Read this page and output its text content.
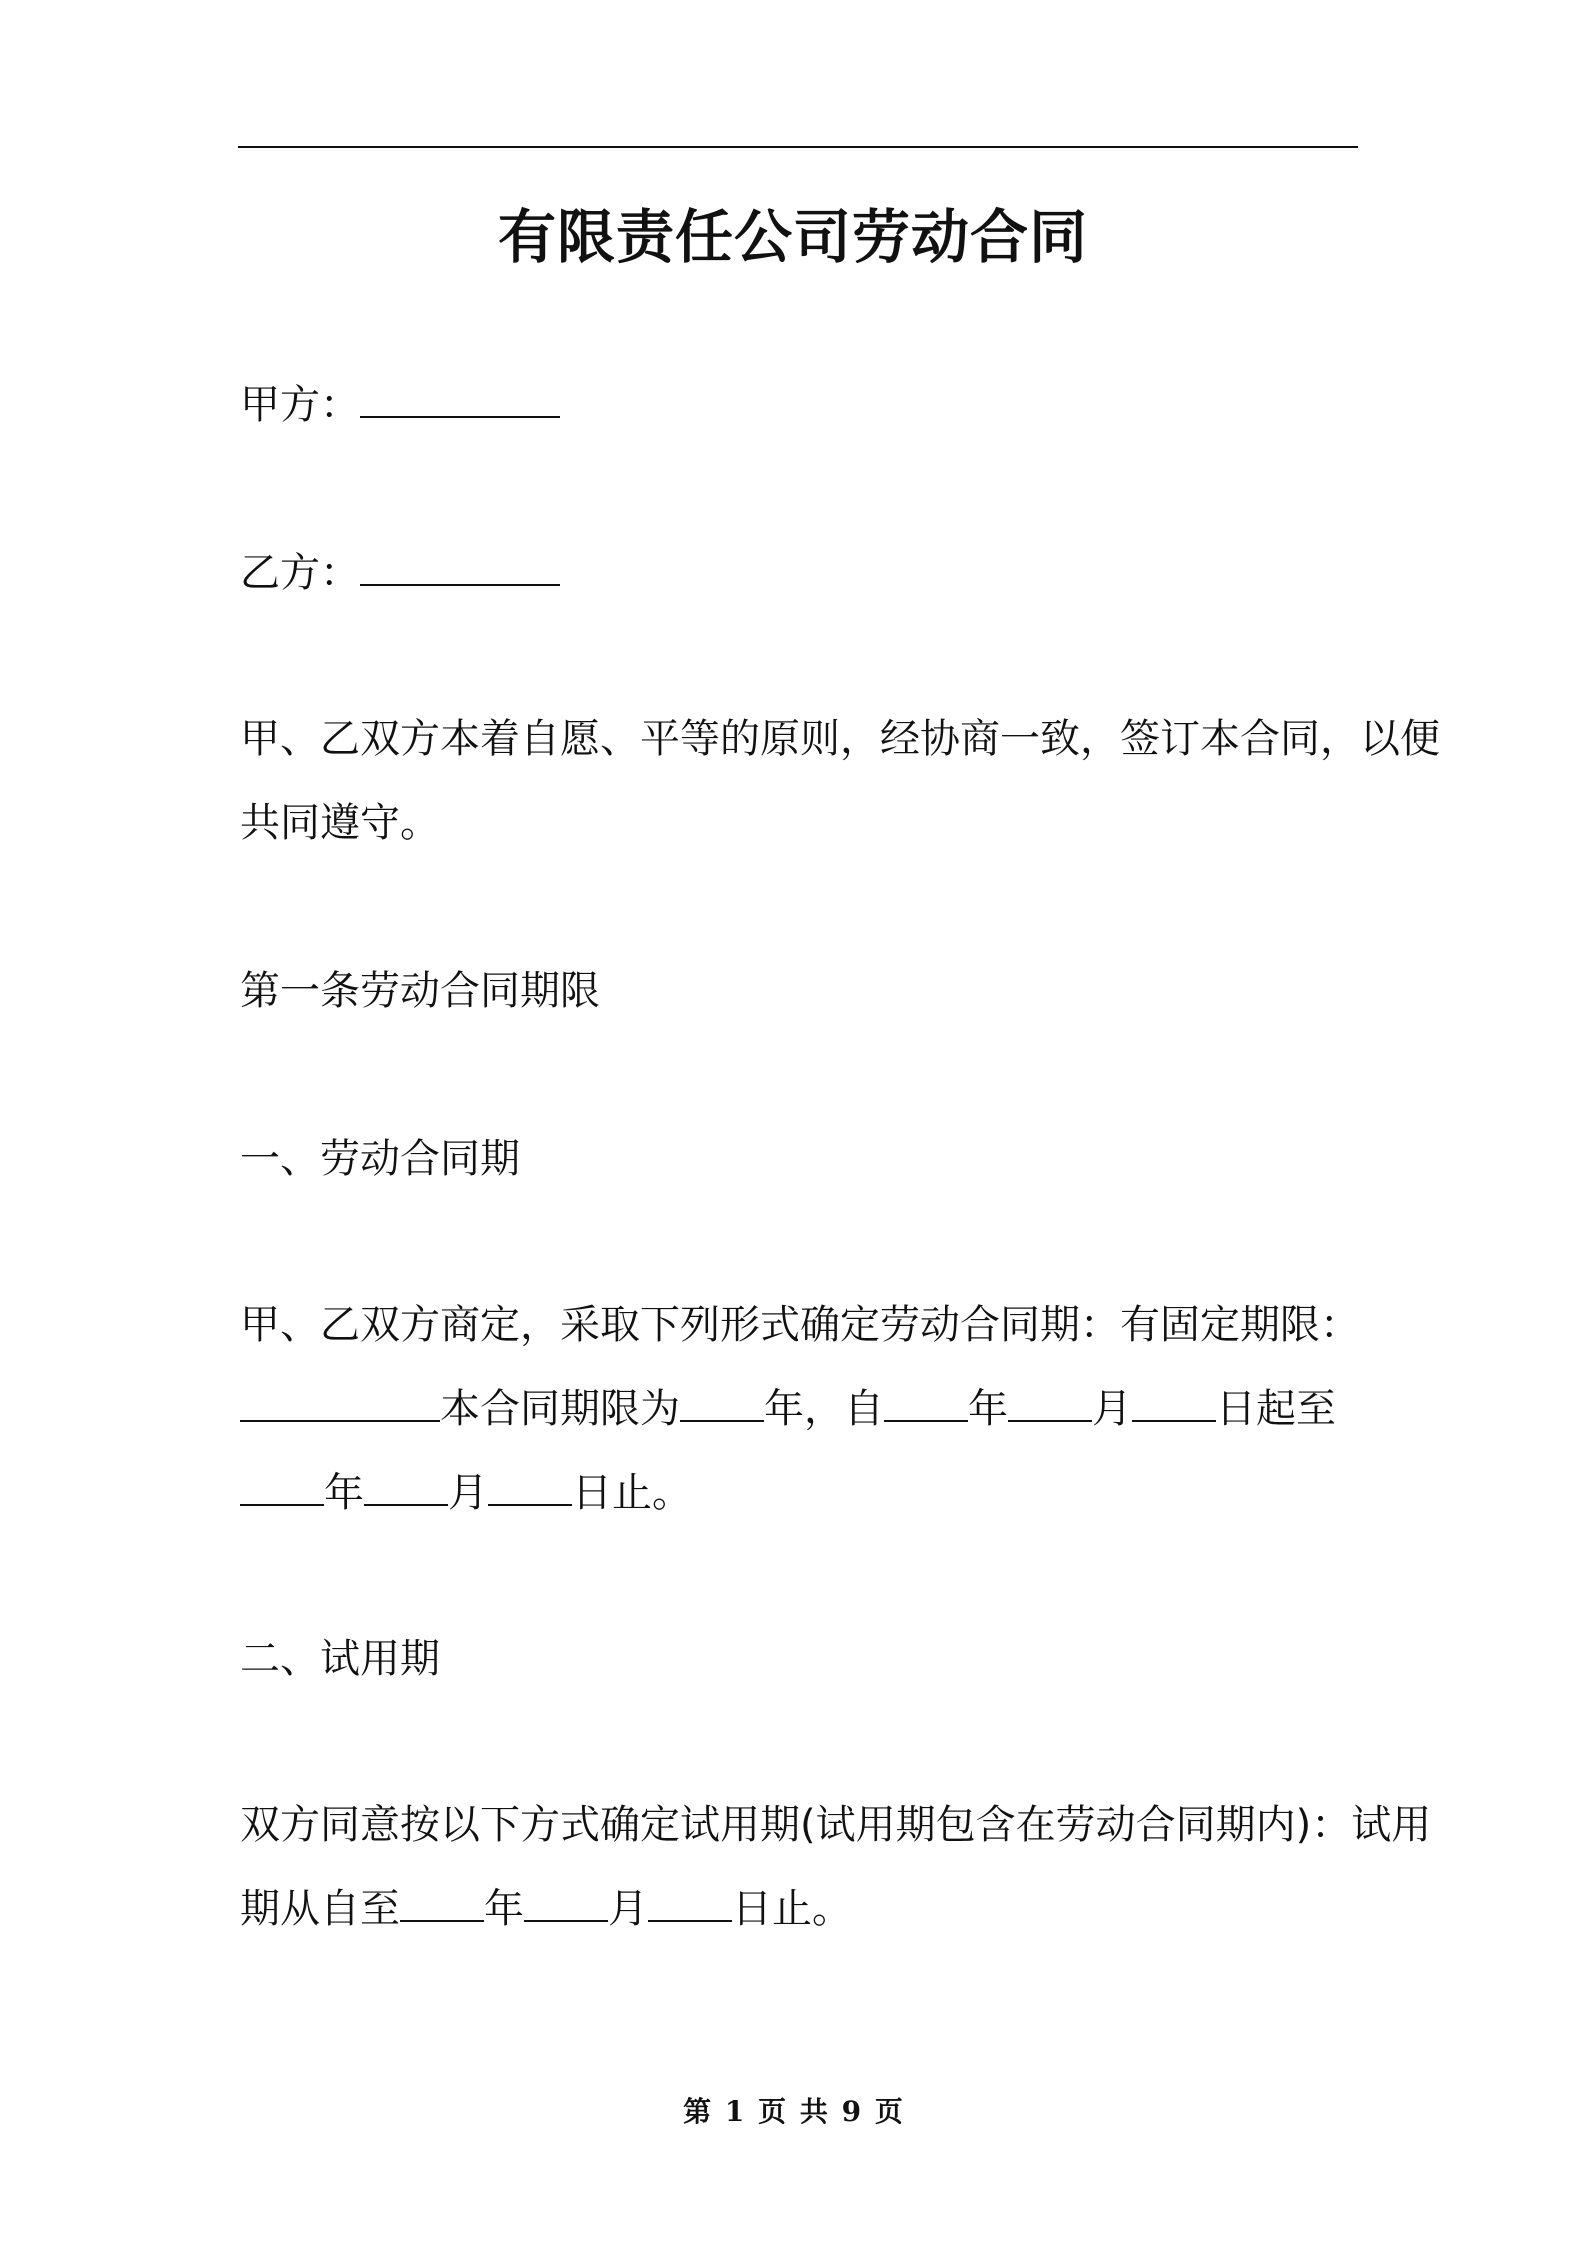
有限责任公司劳动合同
甲方：
乙方：
甲、乙双方本着自愿、平等的原则，经协商一致，签订本合同，以便
共同遵守。
第一条劳动合同期限
一、劳动合同期
甲、乙双方商定，采取下列形式确定劳动合同期：有固定期限：
本合同期限为 年，自 年 月 日起至
年 月 日止。
二、试用期
双方同意按以下方式确定试用期(试用期包含在劳动合同期内)：试用
期从自至 年 月 日止。
第 1 页 共 9 页
